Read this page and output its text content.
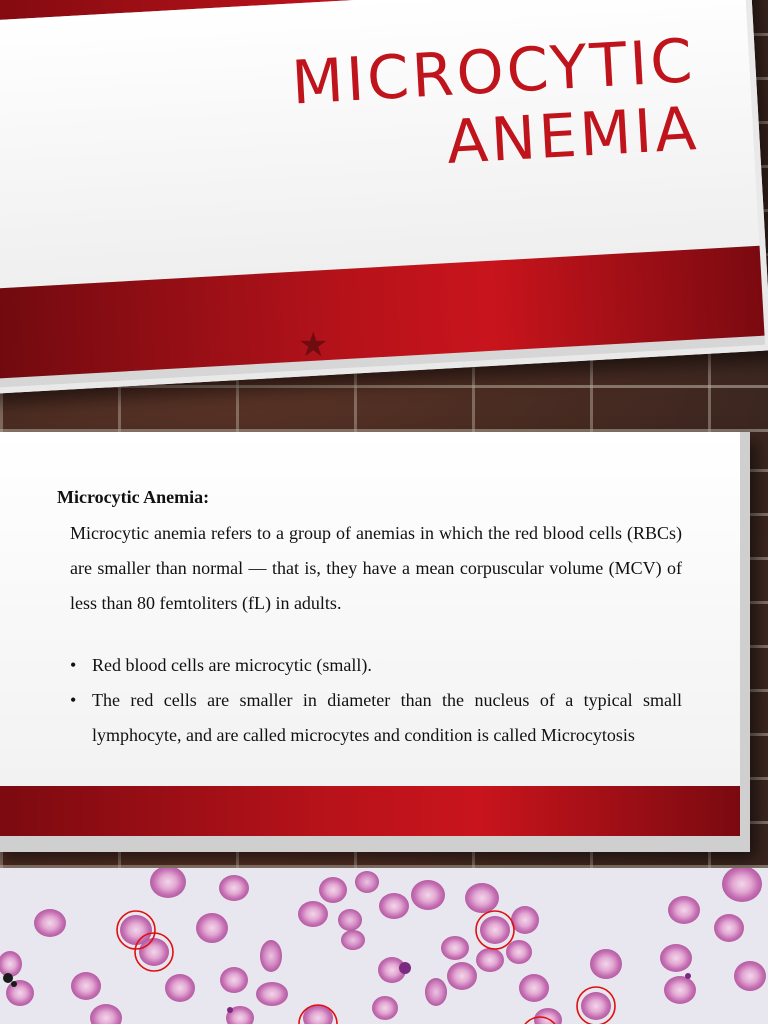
MICROCYTIC
ANEMIA
★
Microcytic Anemia:
Microcytic anemia refers to a group of anemias in which the red blood cells (RBCs) are smaller than normal — that is, they have a mean corpuscular volume (MCV) of less than 80 femtoliters (fL) in adults.
• Red blood cells are microcytic (small).
• The red cells are smaller in diameter than the nucleus of a typical small lymphocyte, and are called microcytes and condition is called Microcytosis
